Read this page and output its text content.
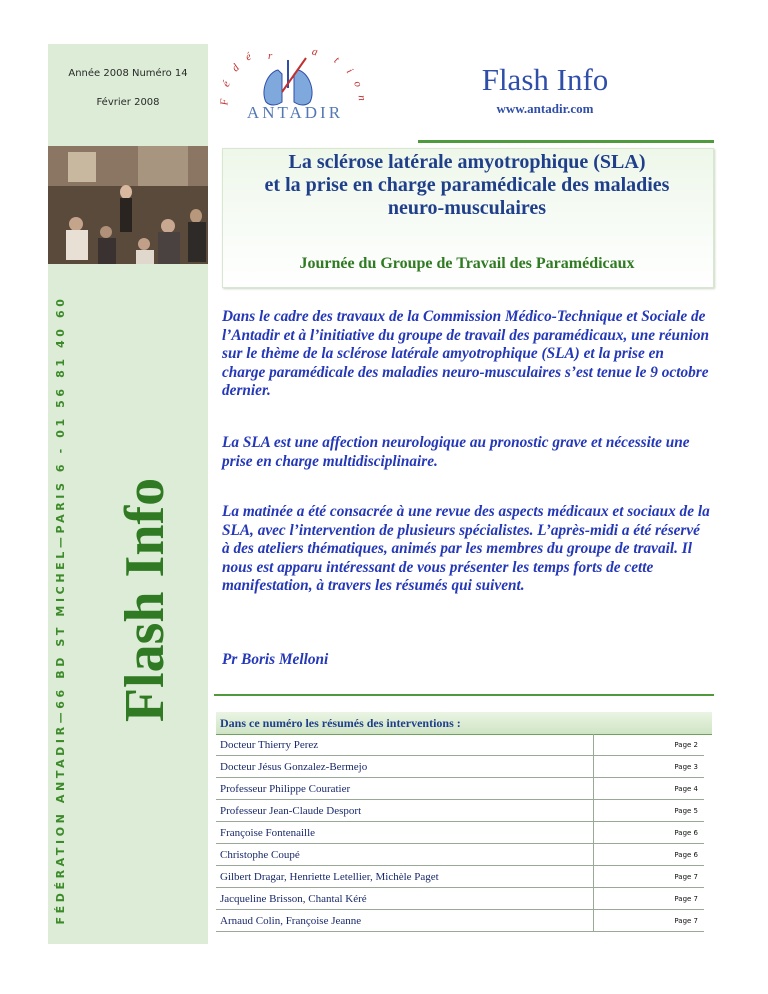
Année 2008 Numéro 14
Février 2008
FÉDÉRATION ANTADIR—66 BD ST MICHEL—PARIS 6 - 01 56 81 40 60 Flash Info
F
é
d
é r	a
t
i
o
n
ANTADIR
Flash Info
www.antadir.com
La sclérose latérale amyotrophique (SLA)
et la prise en charge paramédicale des maladies
neuro-musculaires
Journée du Groupe de Travail des Paramédicaux
Dans le cadre des travaux de la Commission Médico-Technique et Sociale de l’Antadir et à l’initiative du groupe de travail des paramédicaux, une réunion sur le thème de la sclérose latérale amyotrophique (SLA) et la prise en charge paramédicale des maladies neuro-musculaires s’est tenue le 9 octobre dernier.
La SLA est une affection neurologique au pronostic grave et nécessite une prise en charge multidisciplinaire.
La matinée a été consacrée à une revue des aspects médicaux et sociaux de la SLA, avec l’intervention de plusieurs spécialistes. L’après-midi a été réservé à des ateliers thématiques, animés par les membres du groupe de travail. Il nous est apparu intéressant de vous présenter les temps forts de cette manifestation, à travers les résumés qui suivent.
Pr Boris Melloni
Dans ce numéro les résumés des interventions :
Docteur Thierry Perez	Page 2
Docteur Jésus Gonzalez-Bermejo	Page 3
Professeur Philippe Couratier	Page 4
Professeur Jean-Claude Desport	Page 5
Françoise Fontenaille	Page 6
Christophe Coupé	Page 6
Gilbert Dragar, Henriette Letellier, Michèle Paget	Page 7
Jacqueline Brisson, Chantal Kéré	Page 7
Arnaud Colin, Françoise Jeanne	Page 7
